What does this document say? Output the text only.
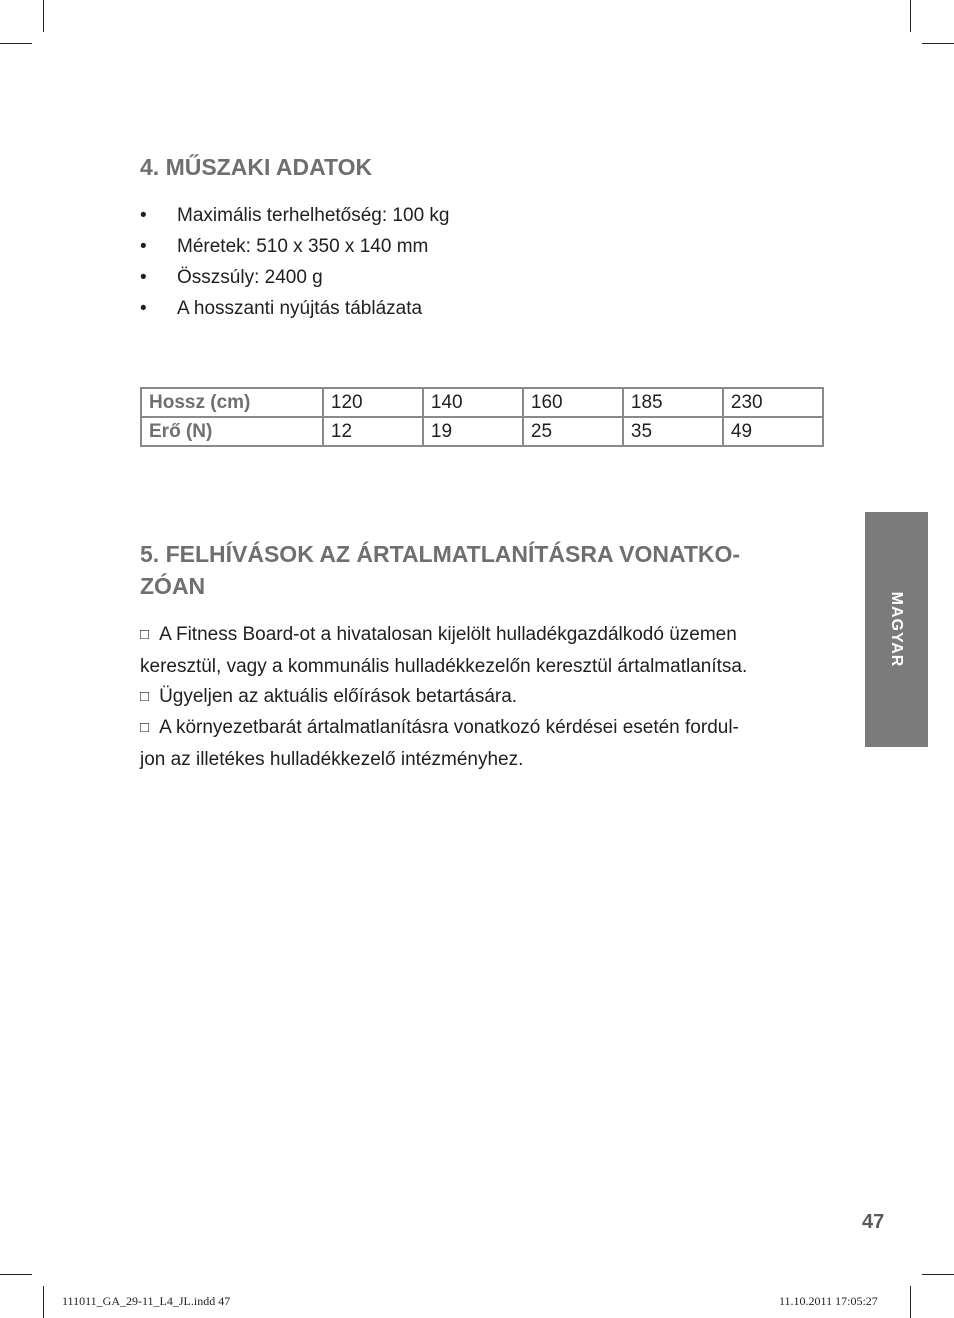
4. MŰSZAKI ADATOK
• Maximális terhelhetőség: 100 kg
• Méretek: 510 x 350 x 140 mm
• Összsúly: 2400 g
• A hosszanti nyújtás táblázata
Hossz (cm)	120	140	160	185	230
Erő (N)	12	19	25	35	49
5. FELHÍVÁSOK AZ ÁRTALMATLANÍTÁSRA VONATKO-
ZÓAN

□ A Fitness Board-ot a hivatalosan kijelölt hulladékgazdálkodó üzemen
keresztül, vagy a kommunális hulladékkezelőn keresztül ártalmatlanítsa.

□ Ügyeljen az aktuális előírások betartására.

□ A környezetbarát ártalmatlanításra vonatkozó kérdései esetén fordul-
jon az illetékes hulladékkezelő intézményhez.

MAGYAR
47
111011_GA_29-11_L4_JL.indd 47	11.10.2011 17:05:27
